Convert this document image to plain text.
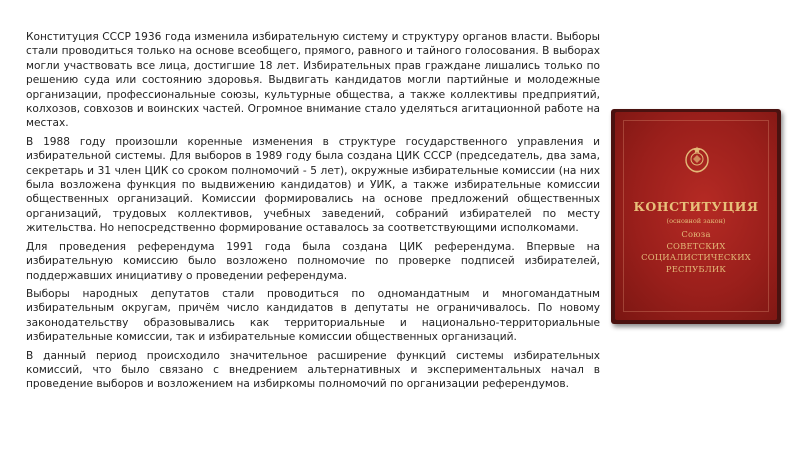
Конституция СССР 1936 года изменила избирательную систему и структуру органов власти. Выборы стали проводиться только на основе всеобщего, прямого, равного и тайного голосования. В выборах могли участвовать все лица, достигшие 18 лет. Избирательных прав граждане лишались только по решению суда или состоянию здоровья. Выдвигать кандидатов могли партийные и молодежные организации, профессиональные союзы, культурные общества, а также коллективы предприятий, колхозов, совхозов и воинских частей. Огромное внимание стало уделяться агитационной работе на местах.

В 1988 году произошли коренные изменения в структуре государственного управления и избирательной системы. Для выборов в 1989 году была создана ЦИК СССР (председатель, два зама, секретарь и 31 член ЦИК со сроком полномочий - 5 лет), окружные избирательные комиссии (на них была возложена функция по выдвижению кандидатов) и УИК, а также избирательные комиссии общественных организаций. Комиссии формировались на основе предложений общественных организаций, трудовых коллективов, учебных заведений, собраний избирателей по месту жительства. Но непосредственно формирование оставалось за соответствующими исполкомами.

Для проведения референдума 1991 года была создана ЦИК референдума. Впервые на избирательную комиссию было возложено полномочие по проверке подписей избирателей, поддержавших инициативу о проведении референдума.

Выборы народных депутатов стали проводиться по одномандатным и многомандатным избирательным округам, причём число кандидатов в депутаты не ограничивалось. По новому законодательству образовывались как территориальные и национально-территориальные избирательные комиссии, так и избирательные комиссии общественных организаций.

В данный период происходило значительное расширение функций системы избирательных комиссий, что было связано с внедрением альтернативных и экспериментальных начал в проведение выборов и возложением на избиркомы полномочий по организации референдумов.

КОНСТИТУЦИЯ
(основной закон)
Союза
СОВЕТСКИХ
СОЦИАЛИСТИЧЕСКИХ
РЕСПУБЛИК
